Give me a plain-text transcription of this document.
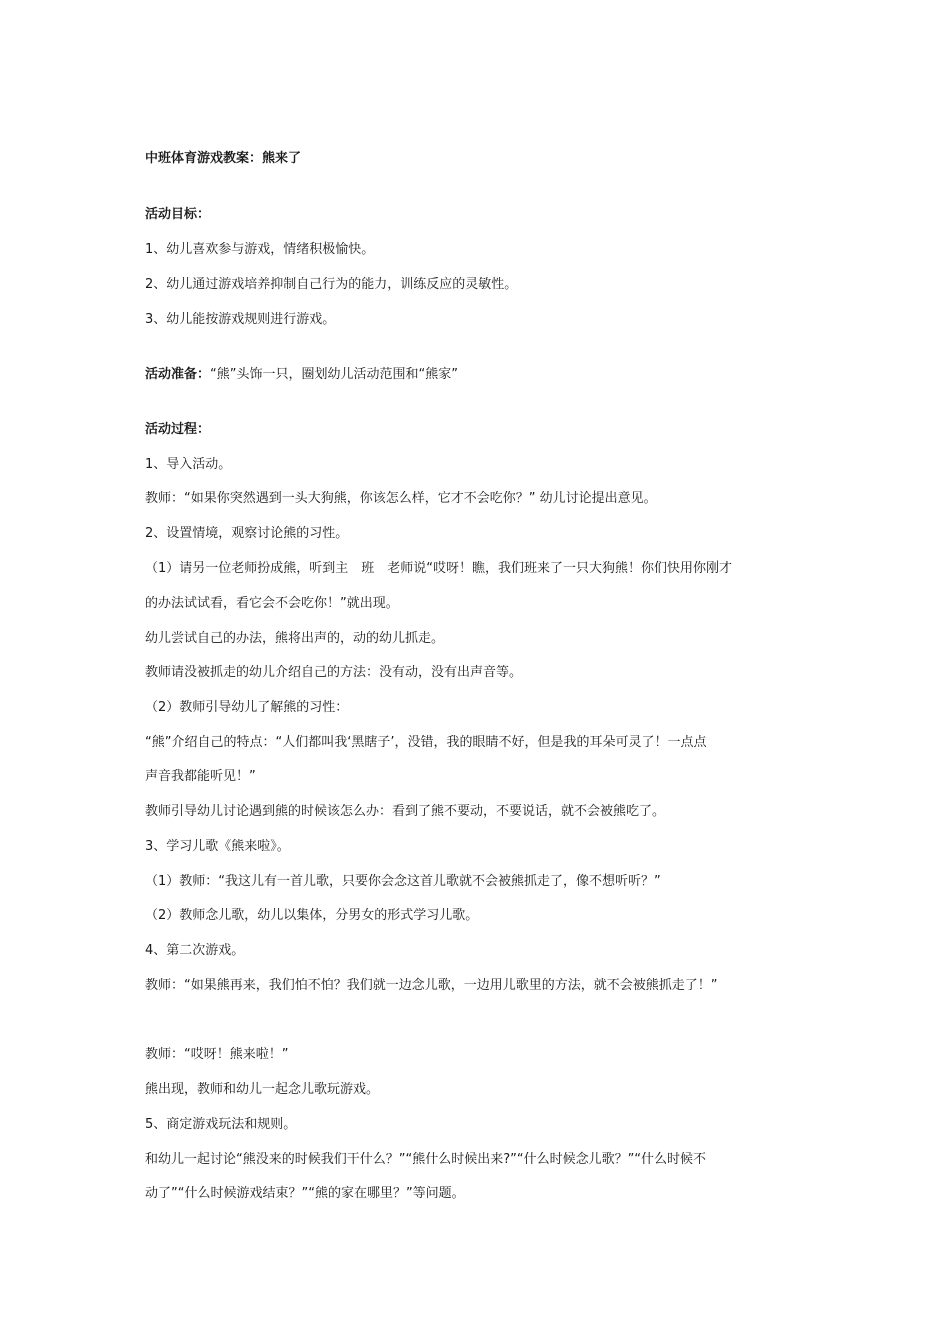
中班体育游戏教案：熊来了
活动目标：
1、幼儿喜欢参与游戏，情绪积极愉快。
2、幼儿通过游戏培养抑制自己行为的能力，训练反应的灵敏性。
3、幼儿能按游戏规则进行游戏。
活动准备：“熊”头饰一只，圈划幼儿活动范围和“熊家”
活动过程：
1、导入活动。
教师：“如果你突然遇到一头大狗熊，你该怎么样，它才不会吃你？” 幼儿讨论提出意见。
2、设置情境，观察讨论熊的习性。
（1）请另一位老师扮成熊，听到主　班　老师说“哎呀！瞧，我们班来了一只大狗熊！你们快用你刚才
的办法试试看，看它会不会吃你！”就出现。
幼儿尝试自己的办法，熊将出声的，动的幼儿抓走。
教师请没被抓走的幼儿介绍自己的方法：没有动，没有出声音等。
（2）教师引导幼儿了解熊的习性：
“熊”介绍自己的特点：“人们都叫我‘黑瞎子’，没错，我的眼睛不好，但是我的耳朵可灵了！一点点
声音我都能听见！”
教师引导幼儿讨论遇到熊的时候该怎么办：看到了熊不要动，不要说话，就不会被熊吃了。
3、学习儿歌《熊来啦》。
（1）教师：“我这儿有一首儿歌，只要你会念这首儿歌就不会被熊抓走了，像不想听听？”
（2）教师念儿歌，幼儿以集体，分男女的形式学习儿歌。
4、第二次游戏。
教师：“如果熊再来，我们怕不怕？我们就一边念儿歌，一边用儿歌里的方法，就不会被熊抓走了！”
教师：“哎呀！熊来啦！”
熊出现，教师和幼儿一起念儿歌玩游戏。
5、商定游戏玩法和规则。
和幼儿一起讨论“熊没来的时候我们干什么？”“熊什么时候出来?”“什么时候念儿歌？”“什么时候不
动了”“什么时候游戏结束？”“熊的家在哪里？”等问题。
